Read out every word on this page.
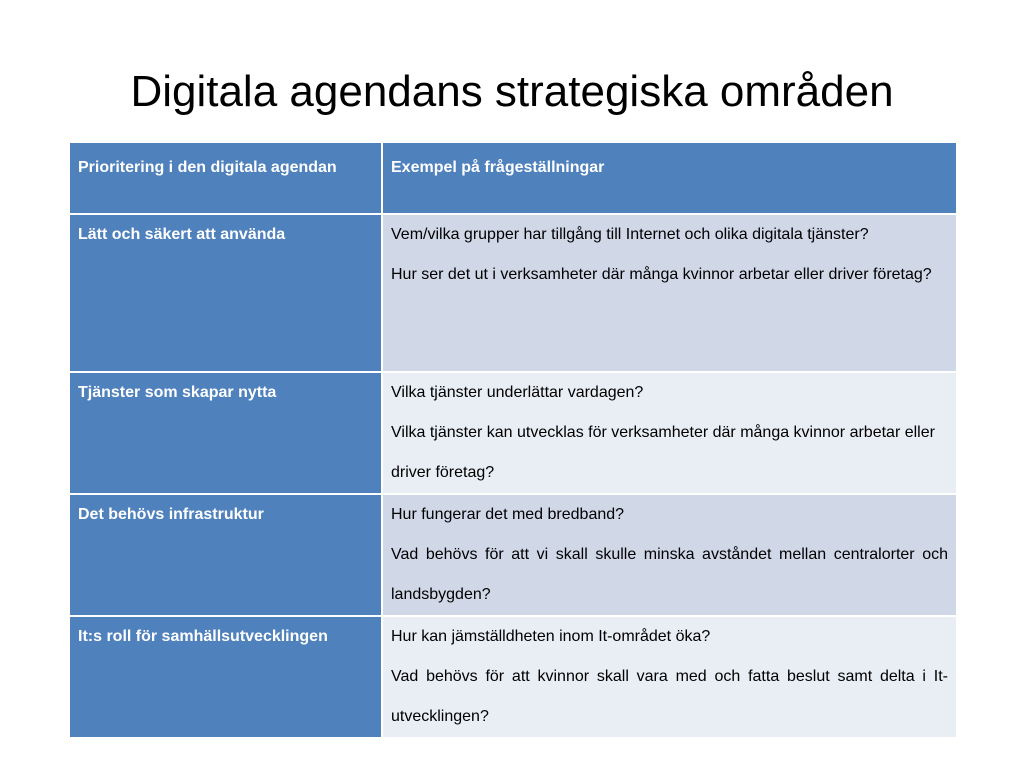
Digitala agendans strategiska områden
Prioritering i den digitala agendan	Exempel på frågeställningar
Lätt och säkert att använda	Vem/vilka grupper har tillgång till Internet och olika digitala tjänster?
Hur ser det ut i verksamheter där många kvinnor arbetar eller driver företag?

Tjänster som skapar nytta	Vilka tjänster underlättar vardagen?
Vilka tjänster kan utvecklas för verksamheter där många kvinnor arbetar eller driver företag?

Det behövs infrastruktur	Hur fungerar det med bredband?
Vad behövs för att vi skall skulle minska avståndet mellan centralorter och landsbygden?

It:s roll för samhällsutvecklingen	Hur kan jämställdheten inom It-området öka?
Vad behövs för att kvinnor skall vara med och fatta beslut samt delta i It-utvecklingen?
